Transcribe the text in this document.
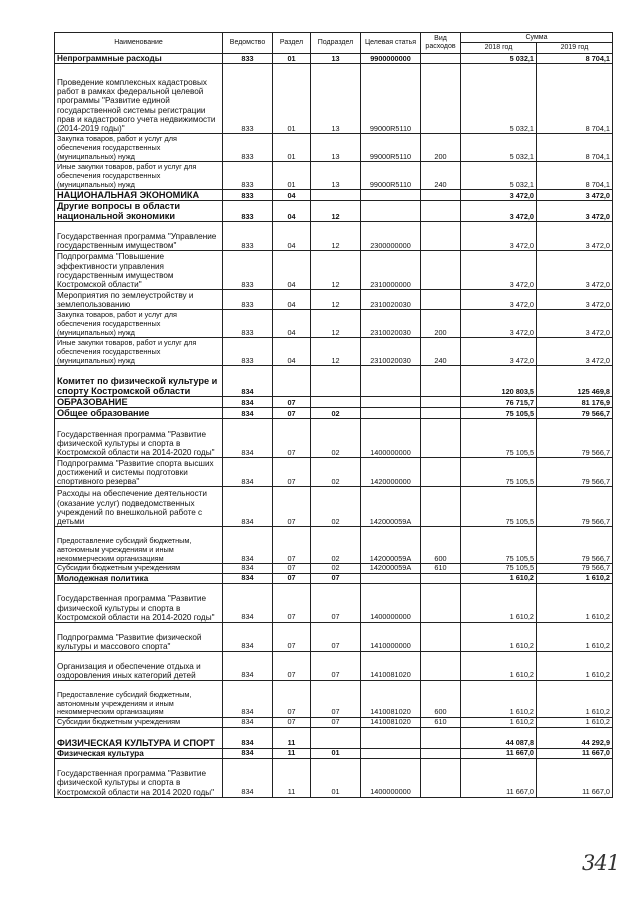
Наименование	Ведомство	Раздел	Подраздел	Целевая статья	Вид расходов	Сумма	
						2018 год	2019 год
Непрограммные расходы	833	01	13	9900000000		5 032,1	8 704,1
Проведение комплексных кадастровых работ в рамках федеральной целевой программы "Развитие единой государственной системы регистрации прав и кадастрового учета недвижимости (2014-2019 годы)"	833	01	13	99000R5110		5 032,1	8 704,1
Закупка товаров, работ и услуг для обеспечения государственных (муниципальных) нужд	833	01	13	99000R5110	200	5 032,1	8 704,1
Иные закупки товаров, работ и услуг для обеспечения государственных (муниципальных) нужд	833	01	13	99000R5110	240	5 032,1	8 704,1
НАЦИОНАЛЬНАЯ ЭКОНОМИКА	833	04				3 472,0	3 472,0
Другие вопросы в области национальной экономики	833	04	12			3 472,0	3 472,0
Государственная программа "Управление государственным имуществом"	833	04	12	2300000000		3 472,0	3 472,0
Подпрограмма "Повышение эффективности управления государственным имуществом Костромской области"	833	04	12	2310000000		3 472,0	3 472,0
Мероприятия по землеустройству и землепользованию	833	04	12	2310020030		3 472,0	3 472,0
Закупка товаров, работ и услуг для обеспечения государственных (муниципальных) нужд	833	04	12	2310020030	200	3 472,0	3 472,0
Иные закупки товаров, работ и услуг для обеспечения государственных (муниципальных) нужд	833	04	12	2310020030	240	3 472,0	3 472,0
Комитет по физической культуре и спорту Костромской области	834					120 803,5	125 469,8
ОБРАЗОВАНИЕ	834	07				76 715,7	81 176,9
Общее образование	834	07	02			75 105,5	79 566,7
Государственная программа "Развитие физической культуры и спорта в Костромской области на 2014-2020 годы"	834	07	02	1400000000		75 105,5	79 566,7
Подпрограмма "Развитие спорта высших достижений и системы подготовки спортивного резерва"	834	07	02	1420000000		75 105,5	79 566,7
Расходы на обеспечение деятельности (оказание услуг) подведомственных учреждений по внешкольной работе с детьми	834	07	02	142000059A		75 105,5	79 566,7
Предоставление субсидий бюджетным, автономным учреждениям и иным некоммерческим организациям	834	07	02	142000059A	600	75 105,5	79 566,7
Субсидии бюджетным учреждениям	834	07	02	142000059A	610	75 105,5	79 566,7
Молодежная политика	834	07	07			1 610,2	1 610,2
Государственная программа "Развитие физической культуры и спорта в Костромской области на 2014-2020 годы"	834	07	07	1400000000		1 610,2	1 610,2
Подпрограмма "Развитие физической культуры и массового спорта"	834	07	07	1410000000		1 610,2	1 610,2
Организация и обеспечение отдыха и оздоровления иных категорий детей	834	07	07	1410081020		1 610,2	1 610,2
Предоставление субсидий бюджетным, автономным учреждениям и иным некоммерческим организациям	834	07	07	1410081020	600	1 610,2	1 610,2
Субсидии бюджетным учреждениям	834	07	07	1410081020	610	1 610,2	1 610,2
ФИЗИЧЕСКАЯ КУЛЬТУРА И СПОРТ	834	11				44 087,8	44 292,9
Физическая культура	834	11	01			11 667,0	11 667,0
Государственная программа "Развитие физической культуры и спорта в Костромской области на 2014 2020 годы"	834	11	01	1400000000		11 667,0	11 667,0
341
